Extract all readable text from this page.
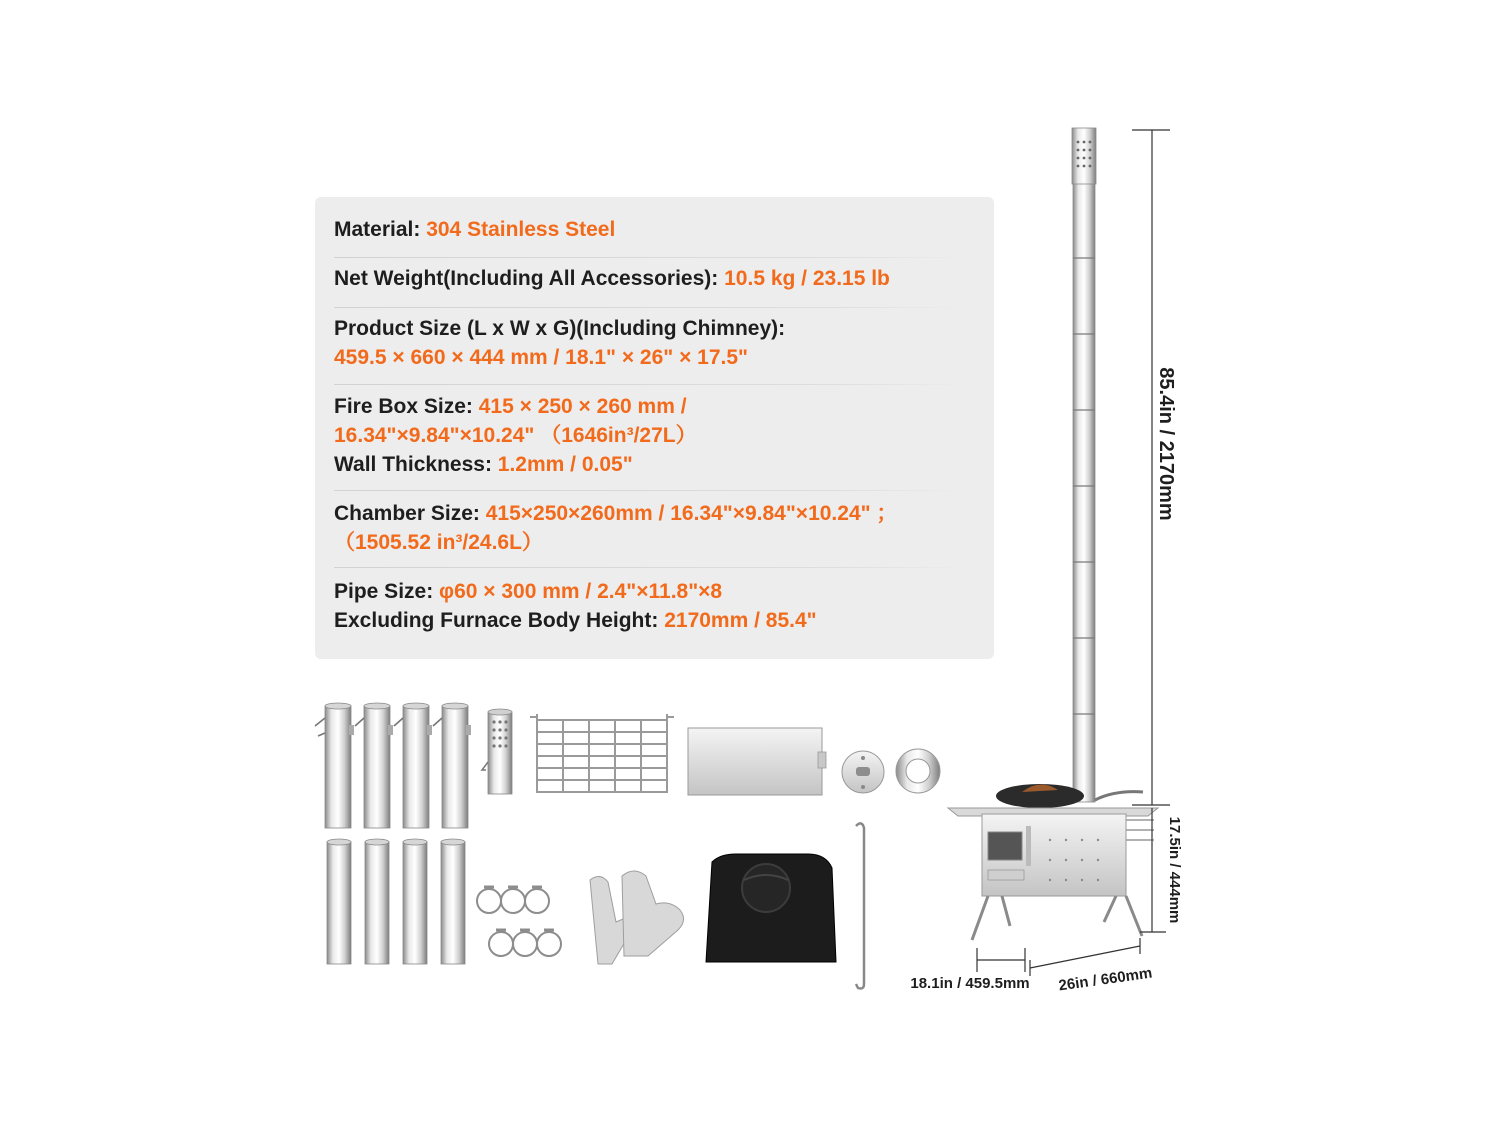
Material: 304 Stainless Steel
Net Weight(Including All Accessories): 10.5 kg / 23.15 lb
Product Size (L x W x G)(Including Chimney):
459.5 × 660 × 444 mm / 18.1" × 26" × 17.5"
Fire Box Size: 415 × 250 × 260 mm /
16.34"×9.84"×10.24" （1646in³/27L）
Wall Thickness: 1.2mm / 0.05"
Chamber Size: 415×250×260mm / 16.34"×9.84"×10.24" ；
（1505.52 in³/24.6L）
Pipe Size: φ60 × 300 mm / 2.4"×11.8"×8
Excluding Furnace Body Height: 2170mm / 85.4"
85.4in / 2170mm
17.5in / 444mm
18.1in / 459.5mm 26in / 660mm
